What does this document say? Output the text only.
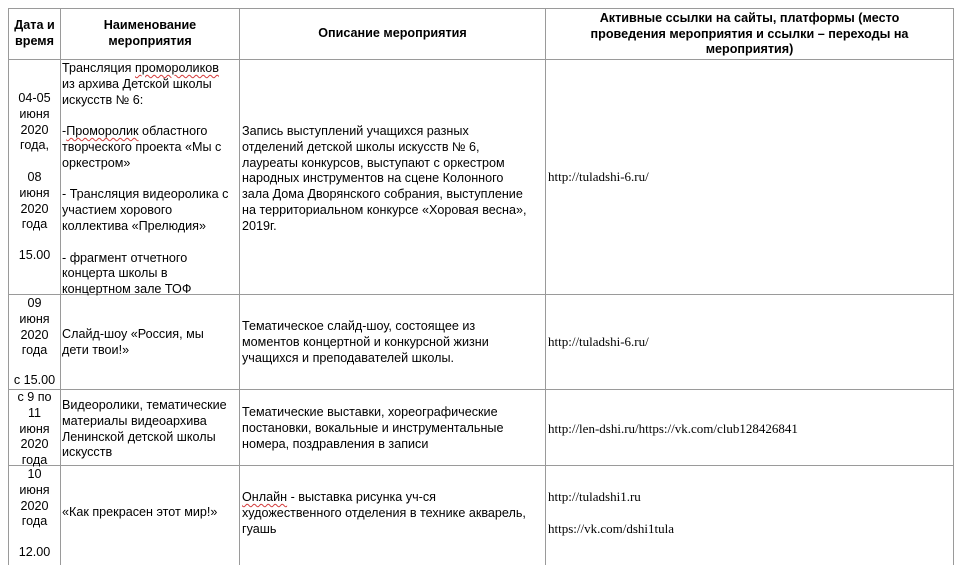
Дата и
время
Наименование
мероприятия
Описание мероприятия
Активные ссылки на сайты, платформы (место
проведения мероприятия и ссылки – переходы на
мероприятия)
04-05
июня
2020
года,
08
июня
2020
года
15.00
Трансляция промороликов
из архива Детской школы
искусств № 6:
-Проморолик областного
творческого проекта «Мы с
оркестром»
- Трансляция видеоролика с
участием хорового
коллектива «Прелюдия»
- фрагмент отчетного
концерта школы в
концертном зале ТОФ
Запись выступлений учащихся разных
отделений детской школы искусств № 6,
лауреаты конкурсов, выступают с оркестром
народных инструментов на сцене Колонного
зала Дома Дворянского собрания, выступление
на территориальном конкурсе «Хоровая весна»,
2019г.
http://tuladshi-6.ru/
09
июня
2020
года
с 15.00
Слайд-шоу «Россия, мы
дети твои!»
Тематическое слайд-шоу, состоящее из
моментов концертной и конкурсной жизни
учащихся и преподавателей школы.
http://tuladshi-6.ru/
с 9 по
11
июня
2020
года
Видеоролики, тематические
материалы видеоархива
Ленинской детской школы
искусств
Тематические выставки, хореографические
постановки, вокальные и инструментальные
номера, поздравления в записи
http://len-dshi.ru/https://vk.com/club128426841
10
июня
2020
года
12.00
«Как прекрасен этот мир!»
Онлайн - выставка рисунка уч-ся
художественного отделения в технике акварель,
гуашь
http://tuladshi1.ru
https://vk.com/dshi1tula
